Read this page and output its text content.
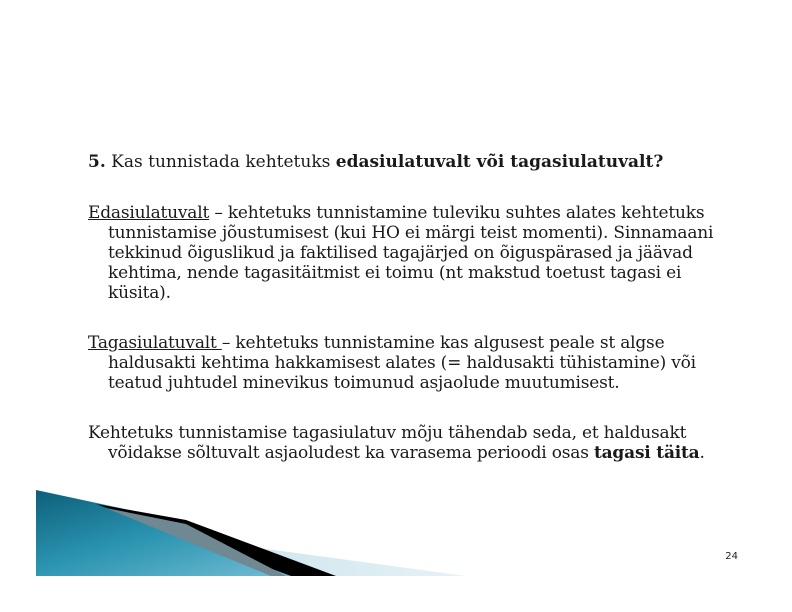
5. Kas tunnistada kehtetuks edasiulatuvalt või tagasiulatuvalt?

Edasiulatuvalt – kehtetuks tunnistamine tuleviku suhtes alates kehtetuks tunnistamise jõustumisest (kui HO ei märgi teist momenti). Sinnamaani tekkinud õiguslikud ja faktilised tagajärjed on õiguspärased ja jäävad kehtima, nende tagasitäitmist ei toimu (nt makstud toetust tagasi ei küsita).

Tagasiulatuvalt – kehtetuks tunnistamine kas algusest peale st algse haldusakti kehtima hakkamisest alates (= haldusakti tühistamine) või teatud juhtudel minevikus toimunud asjaolude muutumisest.

Kehtetuks tunnistamise tagasiulatuv mõju tähendab seda, et haldusakt võidakse sõltuvalt asjaoludest ka varasema perioodi osas tagasi täita.

24
